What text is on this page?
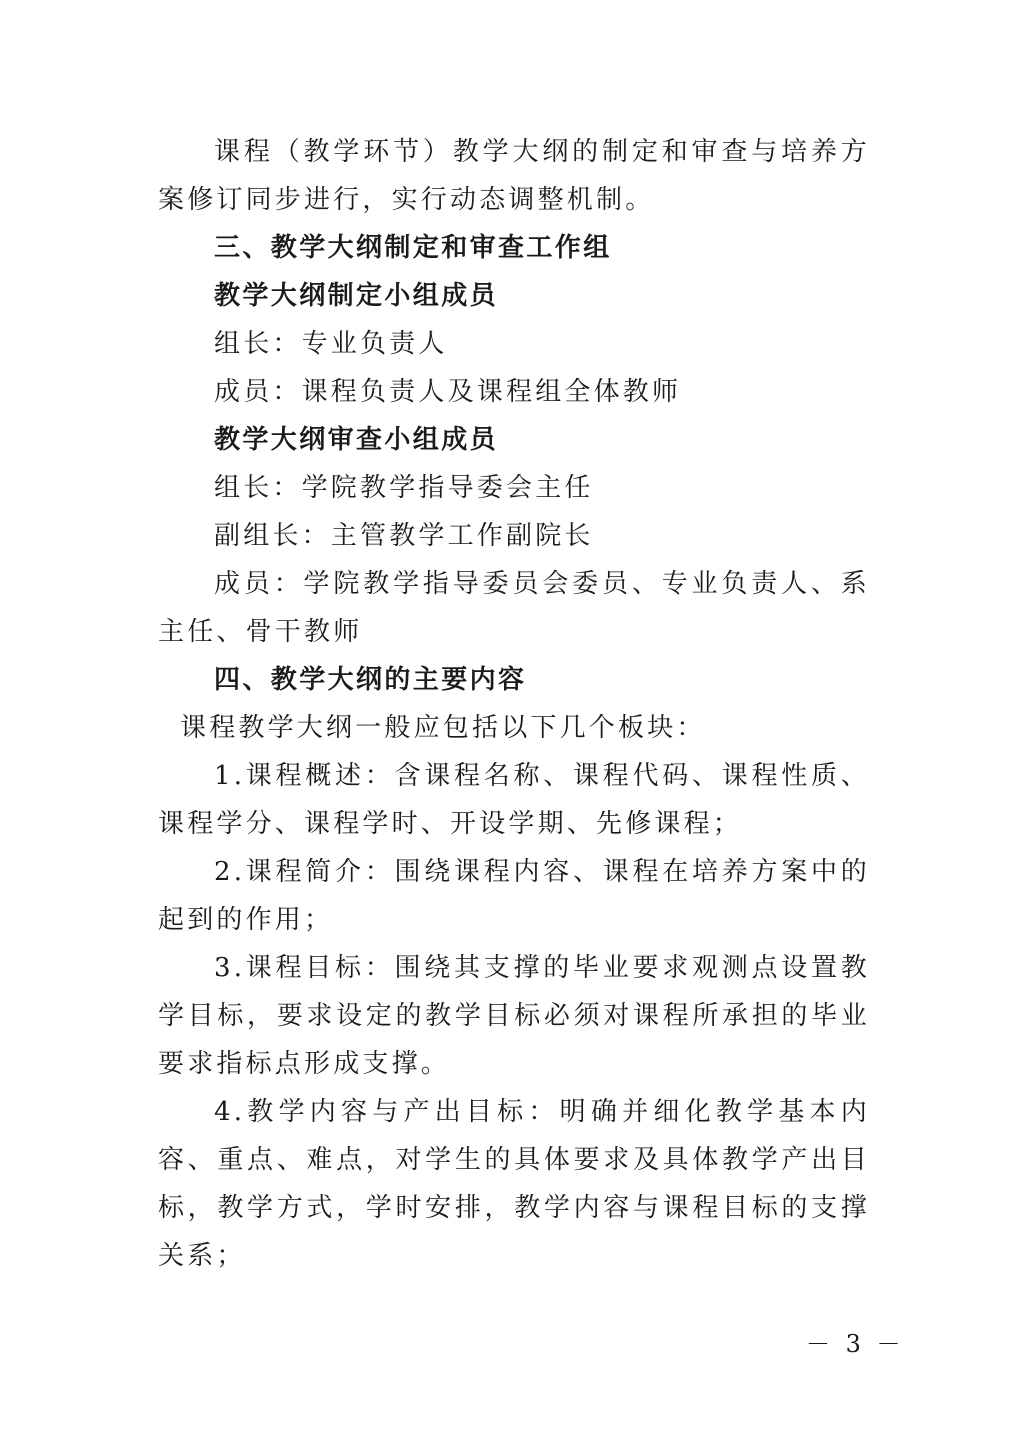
课程（教学环节）教学大纲的制定和审查与培养方案修订同步进行，实行动态调整机制。

三、教学大纲制定和审查工作组

教学大纲制定小组成员

组长：专业负责人

成员：课程负责人及课程组全体教师

教学大纲审查小组成员

组长：学院教学指导委会主任

副组长：主管教学工作副院长

成员：学院教学指导委员会委员、专业负责人、系主任、骨干教师

四、教学大纲的主要内容

课程教学大纲一般应包括以下几个板块：

1.课程概述：含课程名称、课程代码、课程性质、课程学分、课程学时、开设学期、先修课程；

2.课程简介：围绕课程内容、课程在培养方案中的起到的作用；

3.课程目标：围绕其支撑的毕业要求观测点设置教学目标，要求设定的教学目标必须对课程所承担的毕业要求指标点形成支撑。

4.教学内容与产出目标：明确并细化教学基本内容、重点、难点，对学生的具体要求及具体教学产出目标，教学方式，学时安排，教学内容与课程目标的支撑关系；

－ 3 －
